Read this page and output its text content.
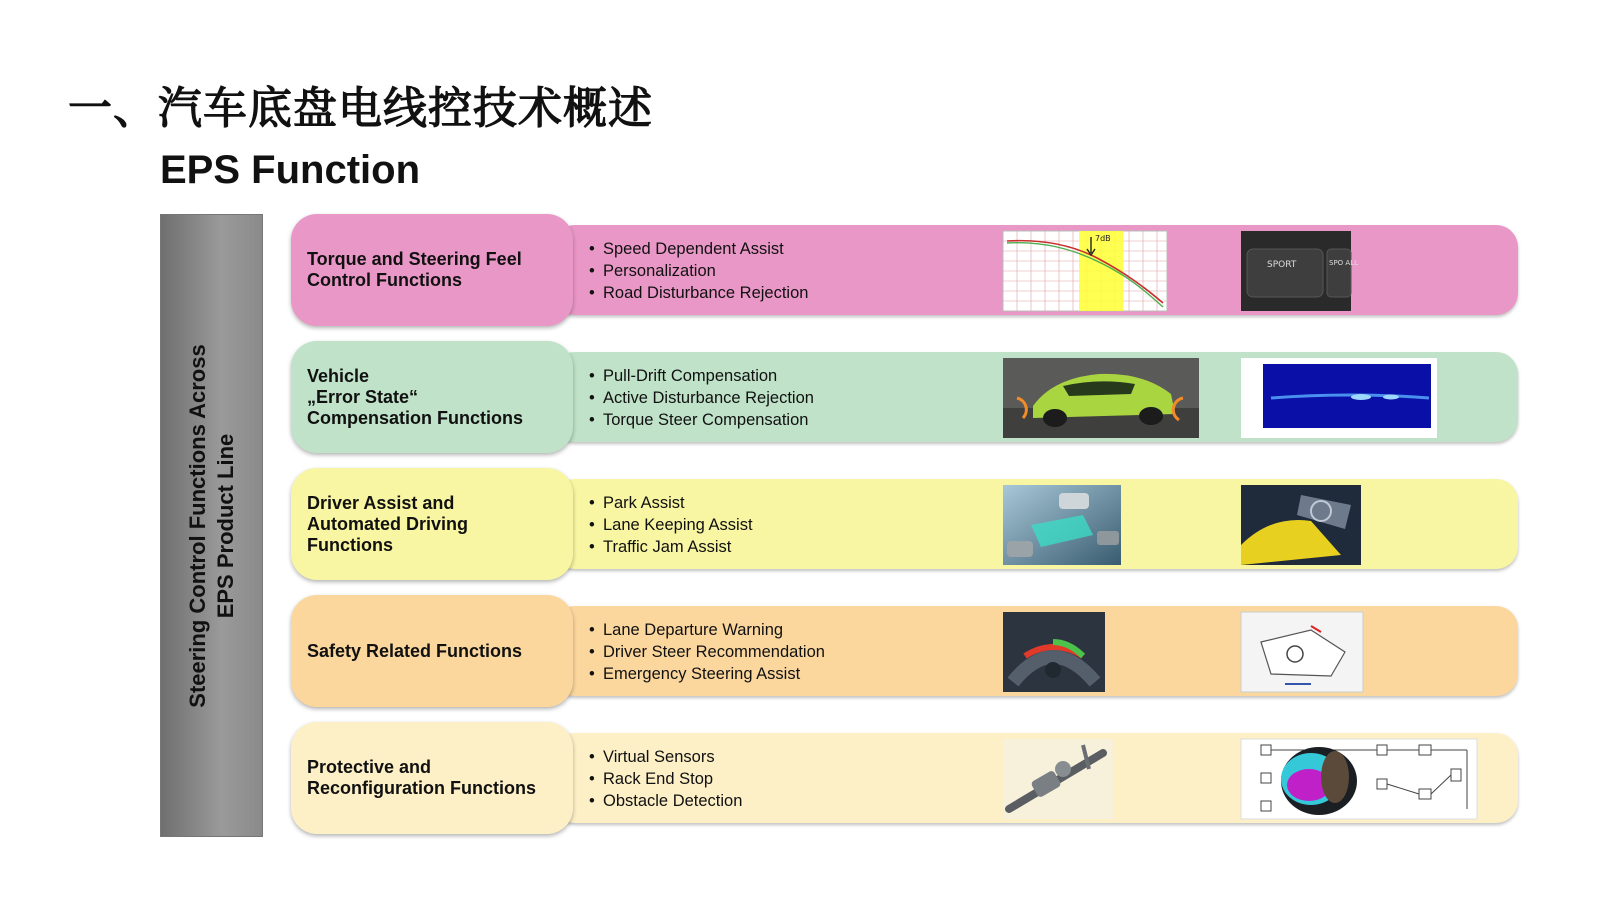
一、汽车底盘电线控技术概述
EPS Function
Steering Control Functions Across EPS Product Line
Torque and Steering Feel
Control Functions
• Speed Dependent Assist
• Personalization
• Road Disturbance Rejection
7dB
SPORT	SPO ALL
Vehicle
„Error State“
Compensation Functions
• Pull-Drift Compensation
• Active Disturbance Rejection
• Torque Steer Compensation
Driver Assist and
Automated Driving
Functions
• Park Assist
• Lane Keeping Assist
• Traffic Jam Assist
Safety Related Functions
• Lane Departure Warning
• Driver Steer Recommendation
• Emergency Steering Assist
Protective and
Reconfiguration Functions
• Virtual Sensors
• Rack End Stop
• Obstacle Detection
